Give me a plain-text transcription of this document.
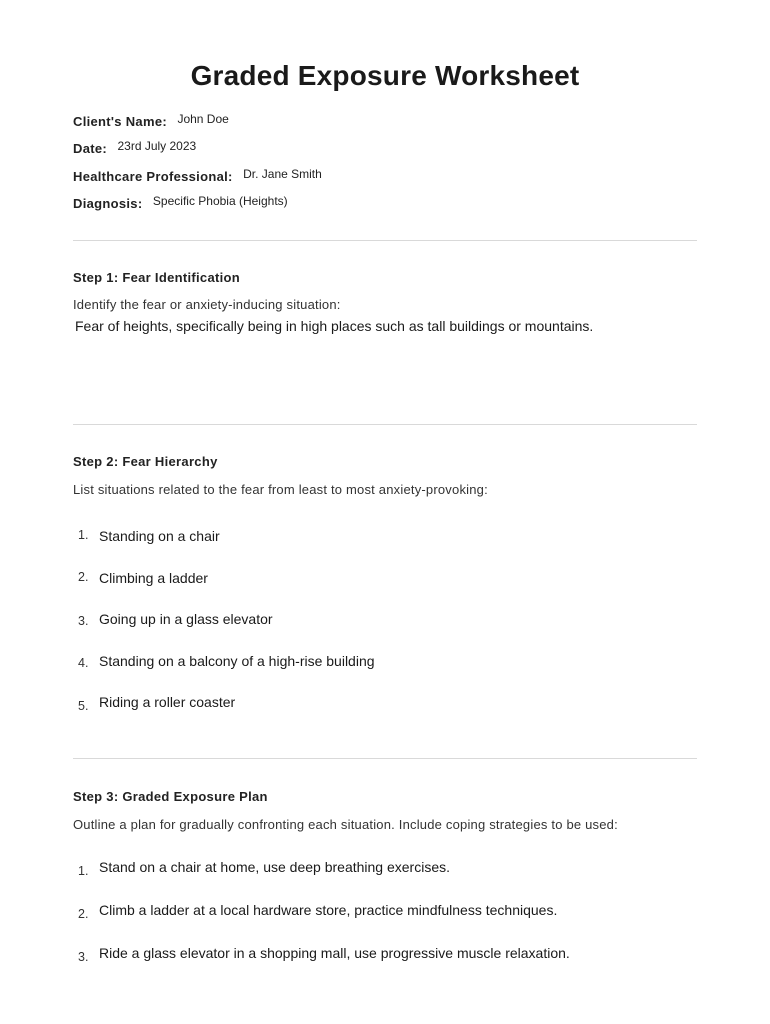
Graded Exposure Worksheet
Client's Name: John Doe
Date: 23rd July 2023
Healthcare Professional: Dr. Jane Smith
Diagnosis: Specific Phobia (Heights)
Step 1: Fear Identification
Identify the fear or anxiety-inducing situation:
Fear of heights, specifically being in high places such as tall buildings or mountains.
Step 2: Fear Hierarchy
List situations related to the fear from least to most anxiety-provoking:
1. Standing on a chair
2. Climbing a ladder
3. Going up in a glass elevator
4. Standing on a balcony of a high-rise building
5. Riding a roller coaster
Step 3: Graded Exposure Plan
Outline a plan for gradually confronting each situation. Include coping strategies to be used:
1. Stand on a chair at home, use deep breathing exercises.
2. Climb a ladder at a local hardware store, practice mindfulness techniques.
3. Ride a glass elevator in a shopping mall, use progressive muscle relaxation.
